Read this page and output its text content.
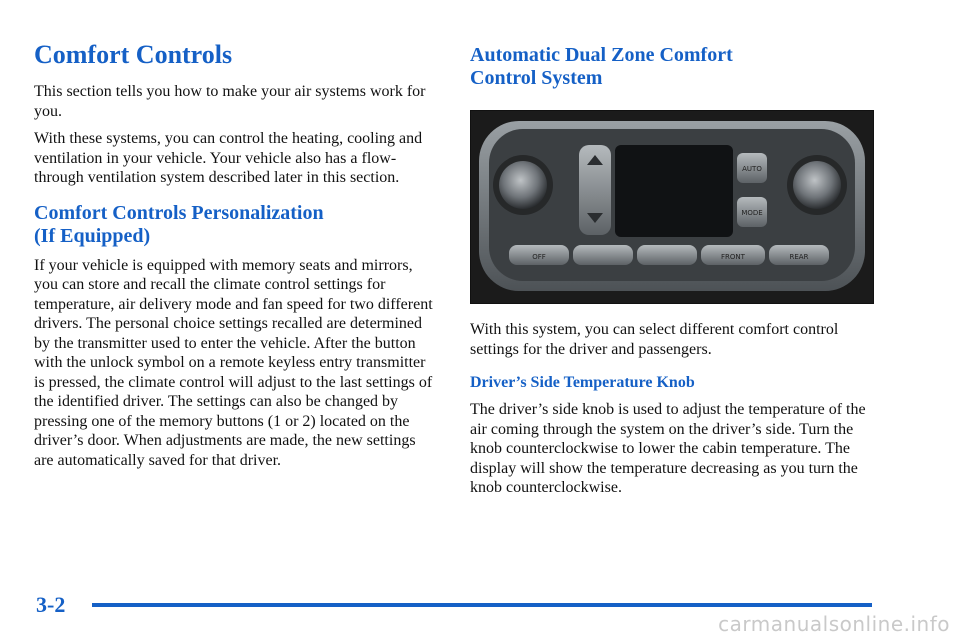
Comfort Controls

This section tells you how to make your air systems work for you.

With these systems, you can control the heating, cooling and ventilation in your vehicle. Your vehicle also has a flow-through ventilation system described later in this section.

Comfort Controls Personalization
(If Equipped)

If your vehicle is equipped with memory seats and mirrors, you can store and recall the climate control settings for temperature, air delivery mode and fan speed for two different drivers. The personal choice settings recalled are determined by the transmitter used to enter the vehicle. After the button with the unlock symbol on a remote keyless entry transmitter is pressed, the climate control will adjust to the last settings of the identified driver. The settings can also be changed by pressing one of the memory buttons (1 or 2) located on the driver’s door. When adjustments are made, the new settings are automatically saved for that driver.

Automatic Dual Zone Comfort
Control System
AUTO
MODE
OFF	FRONT	REAR

With this system, you can select different comfort control settings for the driver and passengers.

Driver’s Side Temperature Knob

The driver’s side knob is used to adjust the temperature of the air coming through the system on the driver’s side. Turn the knob counterclockwise to lower the cabin temperature. The display will show the temperature decreasing as you turn the knob counterclockwise.

3-2
carmanualsonline.info
